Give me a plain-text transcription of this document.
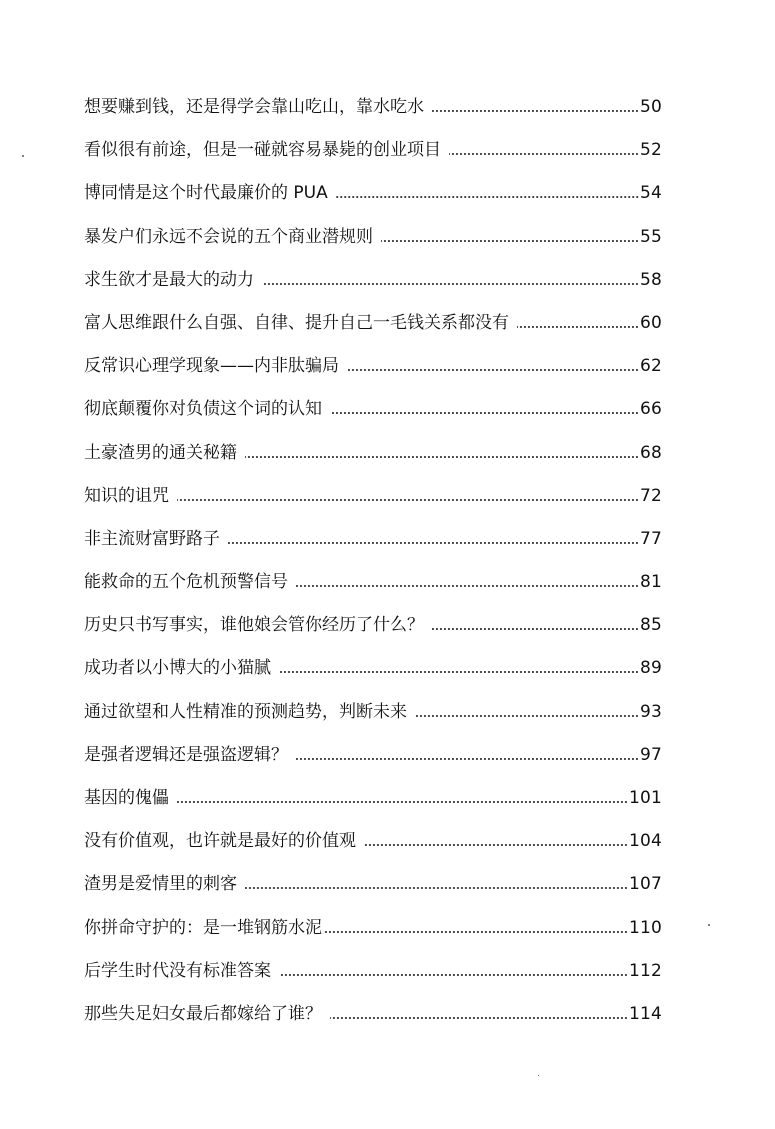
想要赚到钱，还是得学会靠山吃山，靠水吃水	50
看似很有前途，但是一碰就容易暴毙的创业项目	52
博同情是这个时代最廉价的 PUA	54
暴发户们永远不会说的五个商业潜规则	55
求生欲才是最大的动力	58
富人思维跟什么自强、自律、提升自己一毛钱关系都没有	60
反常识心理学现象——内非肽骗局	62
彻底颠覆你对负债这个词的认知	66
土豪渣男的通关秘籍	68
知识的诅咒	72
非主流财富野路子	77
能救命的五个危机预警信号	81
历史只书写事实，谁他娘会管你经历了什么？	85
成功者以小博大的小猫腻	89
通过欲望和人性精准的预测趋势，判断未来	93
是强者逻辑还是强盗逻辑？	97
基因的傀儡	101
没有价值观，也许就是最好的价值观	104
渣男是爱情里的刺客	107
你拼命守护的：是一堆钢筋水泥	110
后学生时代没有标准答案	112
那些失足妇女最后都嫁给了谁？	114
